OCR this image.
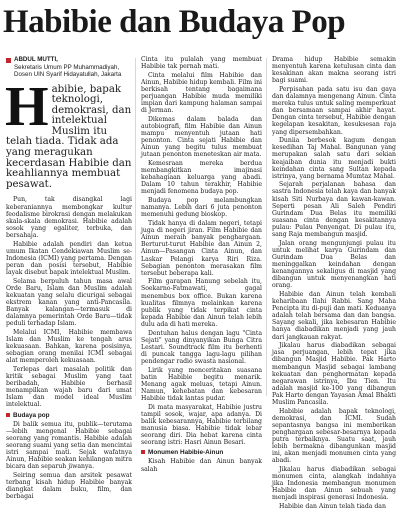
Habibie dan Budaya Pop
ABDUL MUTTI,
Sekretaris Umum PP Muhammadiyah,
Dosen UIN Syarif Hidayatullah, Jakarta
H abibie, bapak teknologi, demokrasi, dan intelektual Muslim itu telah tiada. Tidak ada yang meragukan kecerdasan Habibie dan keahliannya membuat pesawat.

Pun, tak disangkal lagi keberaniannya membongkar kultur feodalisme birokrasi dengan melakukan skala-skala demokrasi. Habibie adalah sosok yang egaliter, terbuka, dan bersahaja.

Habibie adalah pendiri dan ketua umum Ikatan Cendekiawan Muslim se-Indonesia (ICMI) yang pertama. Dengan peran dan posisi tersebut, Habibie layak disebut bapak intelektual Muslim.

Selama berpuluh tahun masa awal Orde Baru, Islam dan Muslim adalah kekuatan yang selalu dicurigai sebagai ekstrem kanan yang anti-Pancasila. Banyak kalangan—termasuk di dalamnya pemerintah Orde Baru—tidak peduli terhadap Islam.

Melalui ICMI, Habibie membawa Islam dan Muslim ke tengah arus kekuasaan. Bahkan, karena posisinya, sebagian orang menilai ICMI sebagai alat memperoleh kekuasaan.

Terlepas dari masalah politik dan kritik sebagai Muslim yang taat beribadah, Habibie berhasil menampilkan wajah baru dari umat Islam dan model ideal Muslim intelektual.

Budaya pop

Di balik semua itu, publik—terutama—lebih mengenal Habibie sebagai seorang yang romantis. Habibie adalah seorang suami yang setia dan mencintai istri sampai mati. Sejak wafatnya Ainun, Habibie seakan kehilangan mitra bicara dan separuh jiwanya.

Seiring semua dan arsitek pesawat terbang kisah hidup Habibie banyak diangkat dalam buku, film, dan berbagai

Cinta itu pulalah yang membuat Habibie tak pernah mati.

Cinta melalui film Habibie dan Ainun, Habibie hidup kembali. Film ini berkisah tentang bagaimana perjuangan Habibie muda memiliki impian dari kampung halaman sampai di Jerman.

Dikemas dalam balada dan autobiografi, film Habibie dan Ainun mampu menyentuh jutaan hati penonton. Cinta sejati Habibie dan Ainun yang begitu tulus membuat jutaan penonton meneteskan air mata.

Kemesraan mereka berdua membangkitkan imajinasi kebahagiaan keluarga yang abadi. Dalam 10 tahun terakhir, Habibie menjadi fenomena budaya pop.

Budaya pop melambungkan namanya. Lebih dari 6 juta penonton memenuhi gedung bioskop.

Tidak hanya di dalam negeri, tetapi juga di negeri jiran. Film Habibie dan Ainun meraih banyak penghargaan. Berturut-turut Habibie dan Ainun 2, Ainun—Pasangan Cinta Ainun, dan Laskar Pelangi karya Riri Riza. Sebagian penonton merasakan film tersebut beberapa kali.

Film garapan Hanung sebelah itu, Soekarno-Fatmawati, gagal menembus box office. Bukan karena kualitas filmnya melainkan karena publik yang tidak terpikat cinta kepada Habibie dan Ainun telah lebih dulu ada di hati mereka.

Dentuhan halus dengan lagu "Cinta Sejati" yang dinyanyikan Bunga Citra Lestari. Soundtrack film itu berhenti di puncak tangga lagu-lagu pilihan pendengar radio swasta nasional.

Lirik yang menceritakan suasana batin Habibie begitu menarik. Menang agak meluas, tetapi Ainun. Namun, kehebatan dan kebesaran Habibie tidak lantas pudar.

Di mata masyarakat, Habibie justru tampil sosok, wajar, apa adanya. Di balik kebesarannya, Habibie terbilang manusia biasa. Habibie tidak lebar seorang diri. Dia hebat karena cinta seorang istri: Hasri Ainun Besari.

Monumen Habibie-Ainun

Kisah Habibie dan Ainun banyak salah

Drama hidup Habibie semakin menyentuh karena ketulusan cinta dan kesakinan akan makna seorang istri bagi suami.

Perpisahan pada satu isu dan gaya dan dalamnya mengenang Ainun. Cinta mereka tulus untuk saling memperkuat dan bersamaan sampai akhir hayat. Dengan cinta tersebut, Habibie dengan kegelapan kesakitan, kesuksesan raja yang dipersembahkan.

Duniia berbesok kagum dengan kesedihan Taj Mahal. Bangunan yang merupakan salah satu dari sekian keajaiban dunia itu menjadi bukti keindahan cinta sang Sultan kepada istrinya, yang bernama Mumtaz Mahal.

Sejarah perjalanan bahasa dan sastra Indonesia telah kaya dan banyak kisah Siti Nurbaya dan kawan-kawan. Seperti pesan Ali Saleh Pendiri Gurindam Dua Belas itu memiliki suasana cinta dengan kesakitannya pulau: Pulau Penyengat. Di pulau itu, sang Raja membangun masjid.

Jalan orang mengunjungi pulau itu untuk melihat karya Gurindam dan Gurindam Dua Belas dan meninggalkan keindahan dengan kenangannya sekaligus di masjid yang dibangun untuk menyenangkan hati orang.

Habibie dan Ainun telah kembali keharibaan Ilahi Rabbi. Sang Maha Pencipta itu di-puji dan mati. Keduanya adalah telah bersama dan dan bangsa. Sayang sekali, jika kebesaran Habibie hanya diabadikan menjadi yang jauh dari jangkauan rakyat.

Jikalau harus diabadikan sebagai jasa perjuangan, lebih tepat jika dibangun Masjid Habibie. Pak Harto membangun Masjid sebagai lambang kekuatan dan penghormatan kepada negarawan istrinya, Ibu Tien. Itu adalah masjid ke-100 yang dibangun Pak Harto dengan Yayasan Amal Bhakti Muslim Pancasila.

Habibie adalah bapak teknologi, demokrasi, dan ICMI. Sudah sepantasnya bangsa ini memberikan penghargaan sebesar-besarnya kepada putra terbaiknya. Suatu saat, jauh lebih bermakna dibangunkan masjid ini, akan menjadi monumen cinta yang abadi.

Jikalau harus diabadikan sebagai monumen cinta, alangkah indahnya jika Indonesia membangun monumen Habibie dan Ainun sebuah yang menjadi inspirasi generasi Indonesia.

Habibie dan Ainun telah tiada dan
